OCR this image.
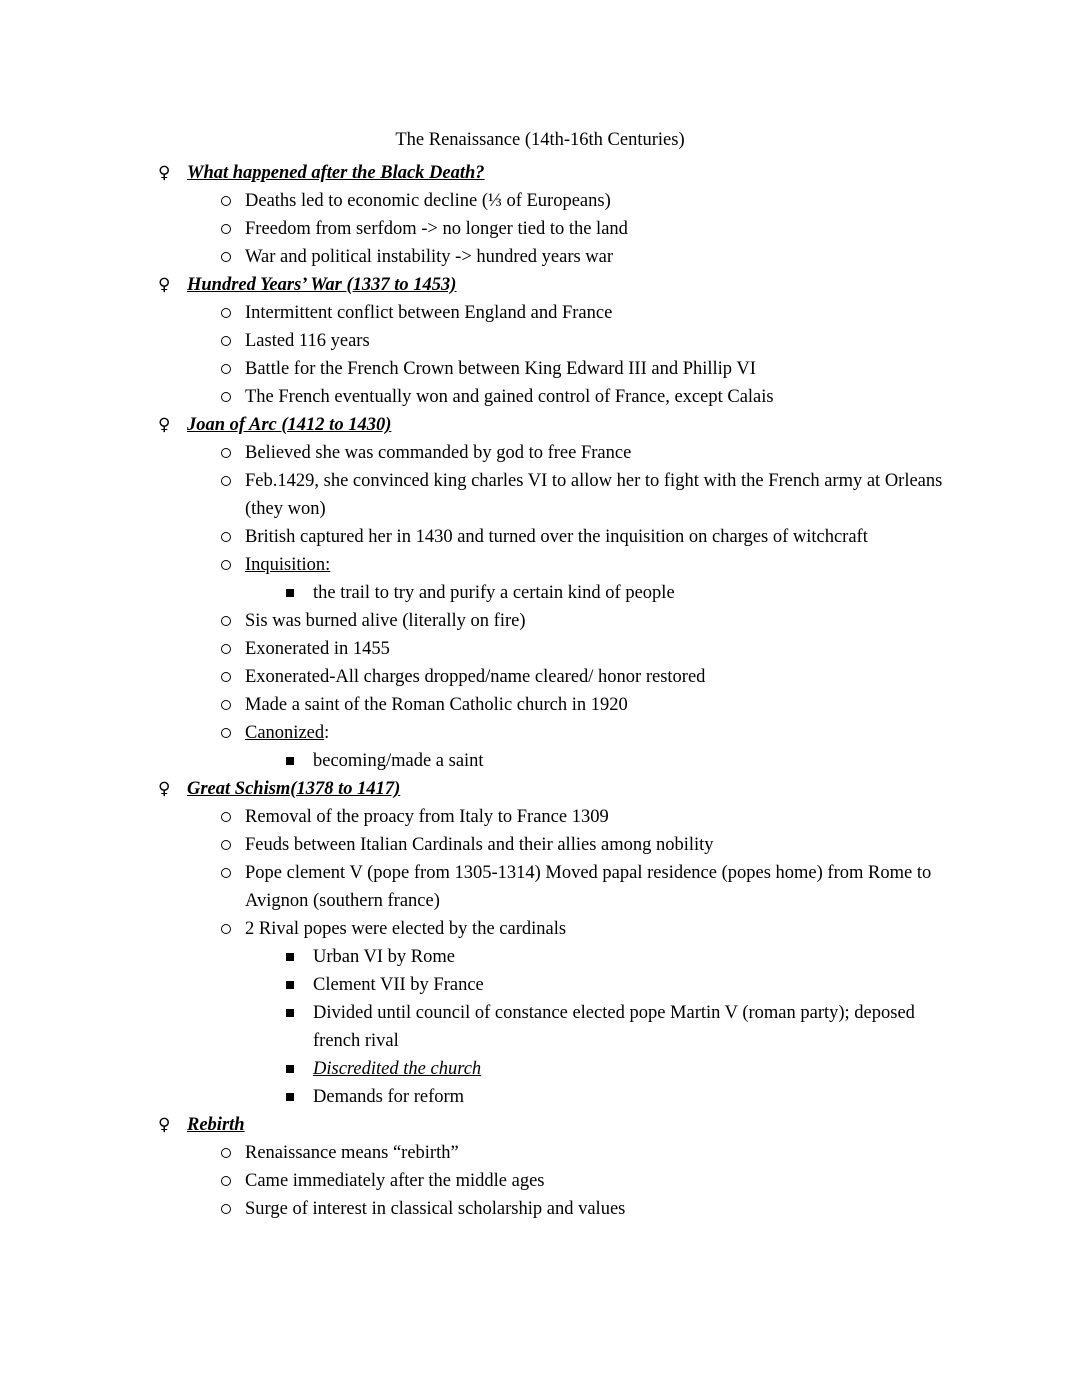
The Renaissance (14th-16th Centuries)
♀ What happened after the Black Death?
Deaths led to economic decline (⅓ of Europeans)
Freedom from serfdom -> no longer tied to the land
War and political instability -> hundred years war
♀ Hundred Years’ War (1337 to 1453)
Intermittent conflict between England and France
Lasted 116 years
Battle for the French Crown between King Edward III and Phillip VI
The French eventually won and gained control of France, except Calais
♀ Joan of Arc (1412 to 1430)
Believed she was commanded by god to free France
Feb.1429, she convinced king charles VI to allow her to fight with the French army at Orleans (they won)
British captured her in 1430 and turned over the inquisition on charges of witchcraft
Inquisition:
the trail to try and purify a certain kind of people
Sis was burned alive (literally on fire)
Exonerated in 1455
Exonerated-All charges dropped/name cleared/ honor restored
Made a saint of the Roman Catholic church in 1920
Canonized:
becoming/made a saint
♀ Great Schism(1378 to 1417)
Removal of the proacy from Italy to France 1309
Feuds between Italian Cardinals and their allies among nobility
Pope clement V (pope from 1305-1314) Moved papal residence (popes home) from Rome to Avignon (southern france)
2 Rival popes were elected by the cardinals
Urban VI by Rome
Clement VII by France
Divided until council of constance elected pope Martin V (roman party); deposed french rival
Discredited the church
Demands for reform
♀ Rebirth
Renaissance means “rebirth”
Came immediately after the middle ages
Surge of interest in classical scholarship and values
